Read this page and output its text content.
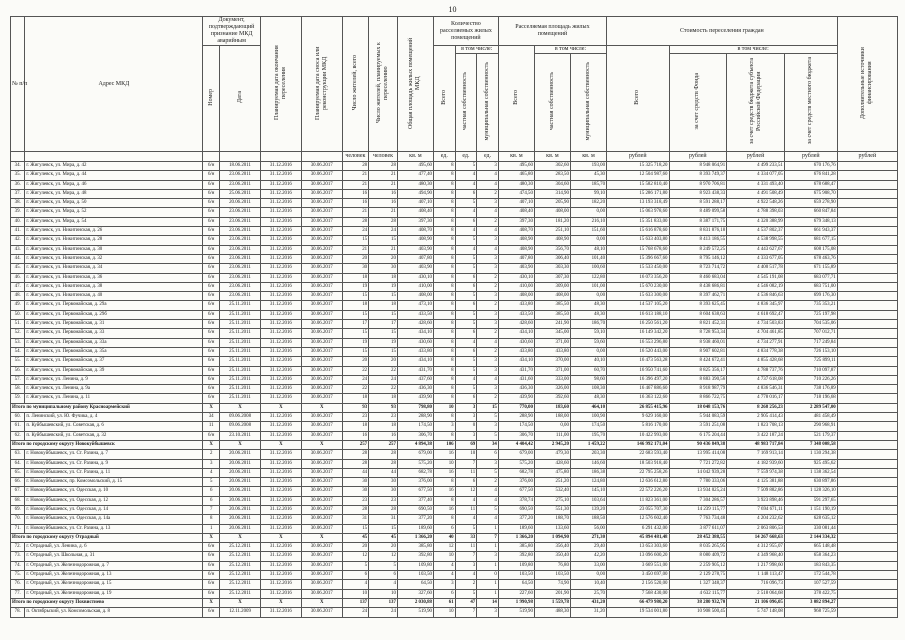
10
№ п/п	Адрес МКД	Документ, подтверждающий признание МКД аварийным		Планируемая дата окончания переселения	Планируемая дата сноса или реконструкции МКД	Число жителей, всего	Число жителей, планируемых к переселению	Общая площадь жилых помещений МКД	Количество расселяемых жилых помещений			Расселяемая площадь жилых помещений			Стоимость переселения граждан				Дополнительные источники финансирования
		Номер	Дата						Всего	в том числе:		Всего	в том числе:		Всего	в том числе:			
										частная собственность	муниципальная собственность		частная собственность	муниципальная собственность		за счет средств Фонда	за счет средств бюджета субъекта Российской Федерации	за счет средств местного бюджета	
						человек	человек	кв. м	ед.	ед.	ед.	кв. м	кв. м	кв. м	рублей	рублей	рублей	рублей	рублей
34.	г. Жигулевск, ул. Мира, д. 42	6/н	18.06.2011	31.12.2016	30.06.2017	28	28	495,60	8	5	3	495,60	302,60	193,00	15 325 718,20	8 948 064,91	4 499 233,51	670 176,76	
35.	г. Жигулевск, ул. Мира, д. 44	6/н	23.06.2011	31.12.2016	30.06.2017	21	21	477,40	8	4	4	465,80	283,50	45,30	12 504 987,60	8 393 749,37	4 334 077,05	676 841,28	
36.	г. Жигулевск, ул. Мира, д. 46	6/н	23.06.2011	31.12.2016	30.06.2017	21	21	480,30	8	4	4	480,30	304,60	185,70	15 582 810,40	8 970 706,81	4 331 493,40	678 688,47	
37.	г. Жигулевск, ул. Мира, д. 48	6/н	25.06.2011	31.12.2016	30.06.2017	16	16	494,90	8	6	2	474,50	314,90	99,10	15 286 171,80	8 923 438,33	4 491 508,49	675 908,70	
38.	г. Жигулевск, ул. Мира, д. 50	6/н	20.06.2011	31.12.2016	30.06.2017	16	16	407,10	8	5	3	407,10	205,90	182,20	13 193 318,49	8 591 288,17	4 922 548,26	659 278,90	
39.	г. Жигулевск, ул. Мира, д. 52	6/н	23.06.2011	31.12.2016	30.06.2017	21	21	408,40	8	4	4	408,40	408,00	0,00	15 063 978,60	8 489 099,58	4 788 398,03	660 847,84	
40.	г. Жигулевск, ул. Мира, д. 54	6/н	23.06.2011	31.12.2016	30.06.2017	28	28	397,30	8	6	2	397,30	181,20	216,10	15 351 833,00	8 387 171,75	4 320 388,99	679 348,13	
41.	г. Жигулевск, ул. Никитинская, д. 26	6/н	23.06.2011	31.12.2016	30.06.2017	24	24	408,70	8	4	4	408,70	251,10	151,60	15 616 878,60	8 831 876,18	4 537 802,37	661 943,37	
42.	г. Жигулевск, ул. Никитинская, д. 28	6/н	23.06.2011	31.12.2016	30.06.2017	15	15	408,90	8	5	3	408,90	408,90	0,00	15 633 403,80	8 413 186,55	4 538 998,55	681 677,15	
43.	г. Жигулевск, ул. Никитинская, д. 30	6/н	23.06.2011	31.12.2016	30.06.2017	21	21	403,90	8	4	4	408,90	356,70	48,10	15 768 678,60	8 249 572,25	4 443 627,67	608 175,08	
44.	г. Жигулевск, ул. Никитинская, д. 32	6/н	23.06.2011	31.12.2016	30.06.2017	20	20	407,80	8	5	3	407,80	306,40	101,40	15 396 667,60	8 795 146,12	4 333 677,05	678 463,76	
45.	г. Жигулевск, ул. Никитинская, д. 34	6/н	23.06.2011	31.12.2016	30.06.2017	30	30	403,90	8	5	3	403,90	303,30	100,60	15 533 450,00	8 723 714,72	4 400 517,78	671 155,89	
46.	г. Жигулевск, ул. Никитинская, д. 36	6/н	23.06.2011	31.12.2016	30.06.2017	18	18	430,10	8	6	2	430,10	307,30	122,80	16 073 356,20	8 460 683,04	4 545 191,08	683 077,71	
47.	г. Жигулевск, ул. Никитинская, д. 38	6/н	23.06.2011	31.12.2016	30.06.2017	19	19	410,00	8	6	2	410,00	309,00	101,00	15 670 230,00	8 438 686,81	4 546 082,19	683 751,00	
48.	г. Жигулевск, ул. Никитинская, д. 40	6/н	23.06.2011	31.12.2016	30.06.2017	15	15	408,00	8	5	3	408,00	408,00	0,00	15 633 300,00	8 397 462,71	4 536 846,63	699 176,30	
49.	г. Жигулевск, ул. Первомайская, д. 29а	6/н	25.11.2011	31.12.2016	30.06.2017	18	18	473,10	8	6	2	433,80	385,50	48,30	14 537 105,20	8 393 625,45	4 836 345,97	735 353,21	
50.	г. Жигулевск, ул. Первомайская, д. 29б	6/н	25.11.2011	31.12.2016	30.06.2017	15	15	433,50	8	5	3	433,50	385,50	48,30	16 613 188,10	8 604 638,63	4 618 692,47	725 197,98	
51.	г. Жигулевск, ул. Первомайская, д. 31	6/н	25.11.2011	31.12.2016	30.06.2017	17	17	428,60	8	5	3	428,60	241,90	186,70	16 250 561,20	8 821 452,31	4 734 503,83	704 535,06	
52.	г. Жигулевск, ул. Первомайская, д. 33	6/н	25.11.2011	31.12.2016	30.06.2017	15	15	434,10	8	6	2	434,10	345,00	59,10	16 149 342,20	8 728 953,34	4 704 461,85	707 012,71	
53.	г. Жигулевск, ул. Первомайская, д. 33а	6/н	25.11.2011	31.12.2016	30.06.2017	19	19	430,60	8	4	4	430,60	371,00	59,60	16 553 296,80	8 938 460,01	4 734 277,91	717 249,84	
54.	г. Жигулевск, ул. Первомайская, д. 35а	6/н	25.11.2011	31.12.2016	30.06.2017	15	15	433,80	8	6	2	433,80	433,80	0,00	16 520 443,00	8 907 602,81	4 834 778,38	726 153,10	
55.	г. Жигулевск, ул. Первомайская, д. 37	6/н	25.11.2011	31.12.2016	30.06.2017	20	20	434,10	8	5	3	434,10	370,00	40,10	16 473 563,28	8 424 672,41	4 855 428,68	725 899,11	
56.	г. Жигулевск, ул. Первомайская, д. 39	6/н	25.11.2011	31.12.2016	30.06.2017	22	22	431,70	8	5	3	431,70	371,00	60,70	16 950 741,60	8 825 356,17	4 788 737,76	710 097,87	
57.	г. Жигулевск, ул. Ленина, д. 9	6/н	25.11.2011	31.12.2016	30.06.2017	24	24	437,60	8	4	4	431,60	333,00	98,60	16 396 497,20	8 883 390,56	4 737 618,08	710 226,26	
58.	г. Жигулевск, ул. Ленина, д. 9а	6/н	25.11.2011	31.12.2016	30.06.2017	22	22	436,30	8	5	3	436,30	326,00	108,30	16 467 886,60	8 918 987,79	4 836 546,31	738 176,89	
59.	г. Жигулевск, ул. Ленина, д. 11	6/н	25.11.2011	31.12.2016	30.06.2017	18	18	439,90	8	6	2	439,90	392,60	48,30	16 363 122,60	8 866 722,75	4 778 016,17	718 196,68	
Итого по муниципальному району Красноармейский		X	X	X	X	93	93	798,80	10	3	15	770,00	183,60	464,10	26 855 415,96	18 048 153,76	8 268 256,23	2 289 547,00	
60.	п. Ленинский, ул. Ю. Фучика, д. 4	34	09.06.2008	31.12.2016	30.06.2017	23	23	288,90	8	3	5	288,90	188,00	100,90	9 629 160,00	5 944 083,59	2 905 414,43	481 458,49	
61.	п. Куйбышевский, ул. Советская, д. 6	11	09.06.2008	31.12.2016	30.06.2017	18	18	174,50	3	0	3	174,50	0,00	174,50	5 816 170,00	3 591 251,08	1 823 708,13	290 968,91	
62.	п. Куйбышевский, ул. Советская, д. 32	6/н	23.10.2011	31.12.2016	30.06.2017	16	16	306,70	8	3	5	306,70	111,00	195,70	10 422 993,00	6 175 204,44	3 422 187,24	521 179,37	
Итого по городскому округу Новокуйбышевск		X	X	X	X	257	257	4 894,38	106	69	34	4 404,42	2 945,20	1 459,22	146 992 171,04	90 436 849,38	48 983 717,84	7 348 008,58	
63.	г. Новокуйбышевск, ул. Ст. Разина, д. 7	2	20.06.2011	31.12.2016	30.06.2017	28	28	679,00	16	10	6	679,00	479,30	203,30	22 683 593,40	13 995 414,08	7 169 913,14	1 130 294,38	
64.	г. Новокуйбышевск, ул. Ст. Разина, д. 9	3	20.06.2011	31.12.2016	30.06.2017	28	28	575,20	10	7	3	575,20	428,60	146,60	18 503 918,40	7 721 272,82	4 182 939,60	925 495,62	
65.	г. Новокуйбышевск, ул. Ст. Разина, д. 11	4	20.06.2011	31.12.2016	30.06.2017	44	44	682,78	16	11	5	682,78	475,80	186,38	22 795 258,26	14 042 939,28	7 559 974,38	1 138 362,54	
66.	г. Новокуйбышевск, пр. Комсомольский, д. 15	5	20.06.2011	31.12.2016	30.06.2017	30	30	376,00	8	6	2	376,00	251,20	124,80	12 636 612,80	7 780 333,06	4 125 381,88	630 897,86	
67.	г. Новокуйбышевск, ул. Одесская, д. 10	6	20.06.2011	31.12.2016	30.06.2017	30	30	677,50	16	12	4	677,50	532,40	145,10	22 572 226,20	13 934 025,24	7 509 882,86	1 128 326,10	
68.	г. Новокуйбышевск, ул. Одесская, д. 12	6	20.06.2011	31.12.2016	30.06.2017	23	23	377,40	8	4	4	378,74	275,10	103,64	11 823 361,00	7 304 286,57	3 923 898,46	591 297,65	
69.	г. Новокуйбышевск, ул. Одесская, д. 14	7	20.06.2011	31.12.2016	30.06.2017	28	28	690,50	16	11	5	690,50	551,30	139,20	23 055 707,30	14 239 115,77	7 694 671,11	1 151 190,19	
70.	г. Новокуйбышевск, ул. Одесская, д. 14а	8	20.06.2011	31.12.2016	30.06.2017	31	31	377,20	8	4	4	377,20	188,70	188,50	12 576 602,40	7 763 734,48	4 204 232,62	628 635,12	
71.	г. Новокуйбышевск, ул. Ст. Разина, д. 13	1	20.06.2011	31.12.2016	30.06.2017	15	15	189,60	6	5	1	189,60	133,60	56,00	6 291 432,00	3 877 611,07	2 063 806,53	330 081,44	
Итого по городскому округу Отрадный		X	X	X	X	45	45	1 366,20	40	33	7	1 366,20	1 094,90	271,30	45 894 481,48	28 452 388,55	14 267 668,63	2 144 334,32	
72.	г. Отрадный, ул. Ленина, д. 6	6/н	25.12.2011	31.12.2016	30.06.2017	20	20	385,80	12	11	1	385,80	356,40	29,40	13 653 303,60	8 035 265,95	4 312 955,07	665 148,48	
73.	г. Отрадный, ул. Школьная, д. 31	6/н	25.12.2011	31.12.2016	30.06.2017	12	12	392,80	10	7	3	392,80	350,40	42,20	13 096 600,20	8 080 409,72	4 349 968,40	658 364,23	
74.	г. Отрадный, ул. Железнодорожная, д. 7	6/н	25.12.2011	31.12.2016	30.06.2017	5	5	109,80	4	3	1	109,80	76,80	33,00	3 669 551,00	2 259 905,12	1 217 998,60	183 843,35	
75.	г. Отрадный, ул. Железнодорожная, д. 13	6/н	25.12.2011	31.12.2016	30.06.2017	6	6	103,50	4	4	0	103,50	103,50	0,00	3 450 697,00	2 129 278,75	1 148 113,47	172 544,78	
76.	г. Отрадный, ул. Железнодорожная, д. 15	6/н	25.12.2011	31.12.2016	30.06.2017	4	4	64,50	3	2	1	64,50	74,90	10,40	2 156 520,00	1 327 348,37	716 096,73	107 527,59	
77.	г. Отрадный, ул. Железнодорожная, д. 19	6/н	25.12.2011	31.12.2016	30.06.2017	10	10	327,60	6	5	1	227,60	201,90	25,70	7 568 430,00	4 632 115,77	2 518 064,68	378 422,75	
Итого по городскому округу Похвистнево		X	X	X	X	137	137	2 030,88	61	47	14	1 990,98	1 559,78	431,20	66 479 980,20	38 280 932,70	21 106 096,05	3 082 894,27	
78.	п. Октябрьский, ул. Комсомольская, д. 8	6/н	12.11.2009	31.12.2016	30.06.2017	24	24	519,90	10	7	3	519,90	488,30	31,20	19 534 001,80	10 908 500,45	5 747 148,08	968 725,59	
